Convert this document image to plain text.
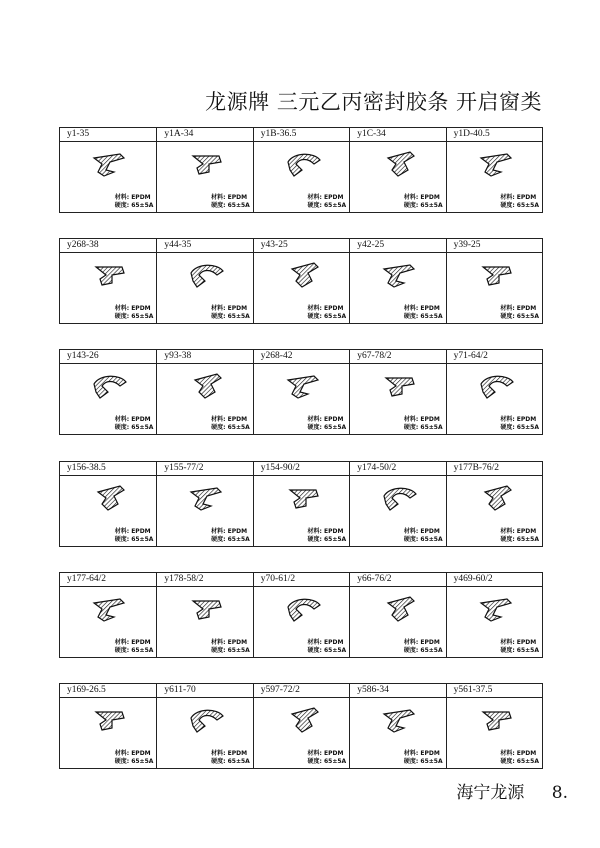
龙源牌 三元乙丙密封胶条 开启窗类
y1-35
材料: EPDM
硬度: 65±5A
y1A-34
材料: EPDM
硬度: 65±5A
y1B-36.5
材料: EPDM
硬度: 65±5A
y1C-34
材料: EPDM
硬度: 65±5A
y1D-40.5
材料: EPDM
硬度: 65±5A
y268-38
材料: EPDM
硬度: 65±5A
y44-35
材料: EPDM
硬度: 65±5A
y43-25
材料: EPDM
硬度: 65±5A
y42-25
材料: EPDM
硬度: 65±5A
y39-25
材料: EPDM
硬度: 65±5A
y143-26
材料: EPDM
硬度: 65±5A
y93-38
材料: EPDM
硬度: 65±5A
y268-42
材料: EPDM
硬度: 65±5A
y67-78/2
材料: EPDM
硬度: 65±5A
y71-64/2
材料: EPDM
硬度: 65±5A
y156-38.5
材料: EPDM
硬度: 65±5A
y155-77/2
材料: EPDM
硬度: 65±5A
y154-90/2
材料: EPDM
硬度: 65±5A
y174-50/2
材料: EPDM
硬度: 65±5A
y177B-76/2
材料: EPDM
硬度: 65±5A
y177-64/2
材料: EPDM
硬度: 65±5A
y178-58/2
材料: EPDM
硬度: 65±5A
y70-61/2
材料: EPDM
硬度: 65±5A
y66-76/2
材料: EPDM
硬度: 65±5A
y469-60/2
材料: EPDM
硬度: 65±5A
y169-26.5
材料: EPDM
硬度: 65±5A
y611-70
材料: EPDM
硬度: 65±5A
y597-72/2
材料: EPDM
硬度: 65±5A
y586-34
材料: EPDM
硬度: 65±5A
y561-37.5
材料: EPDM
硬度: 65±5A
海宁龙源 8.
